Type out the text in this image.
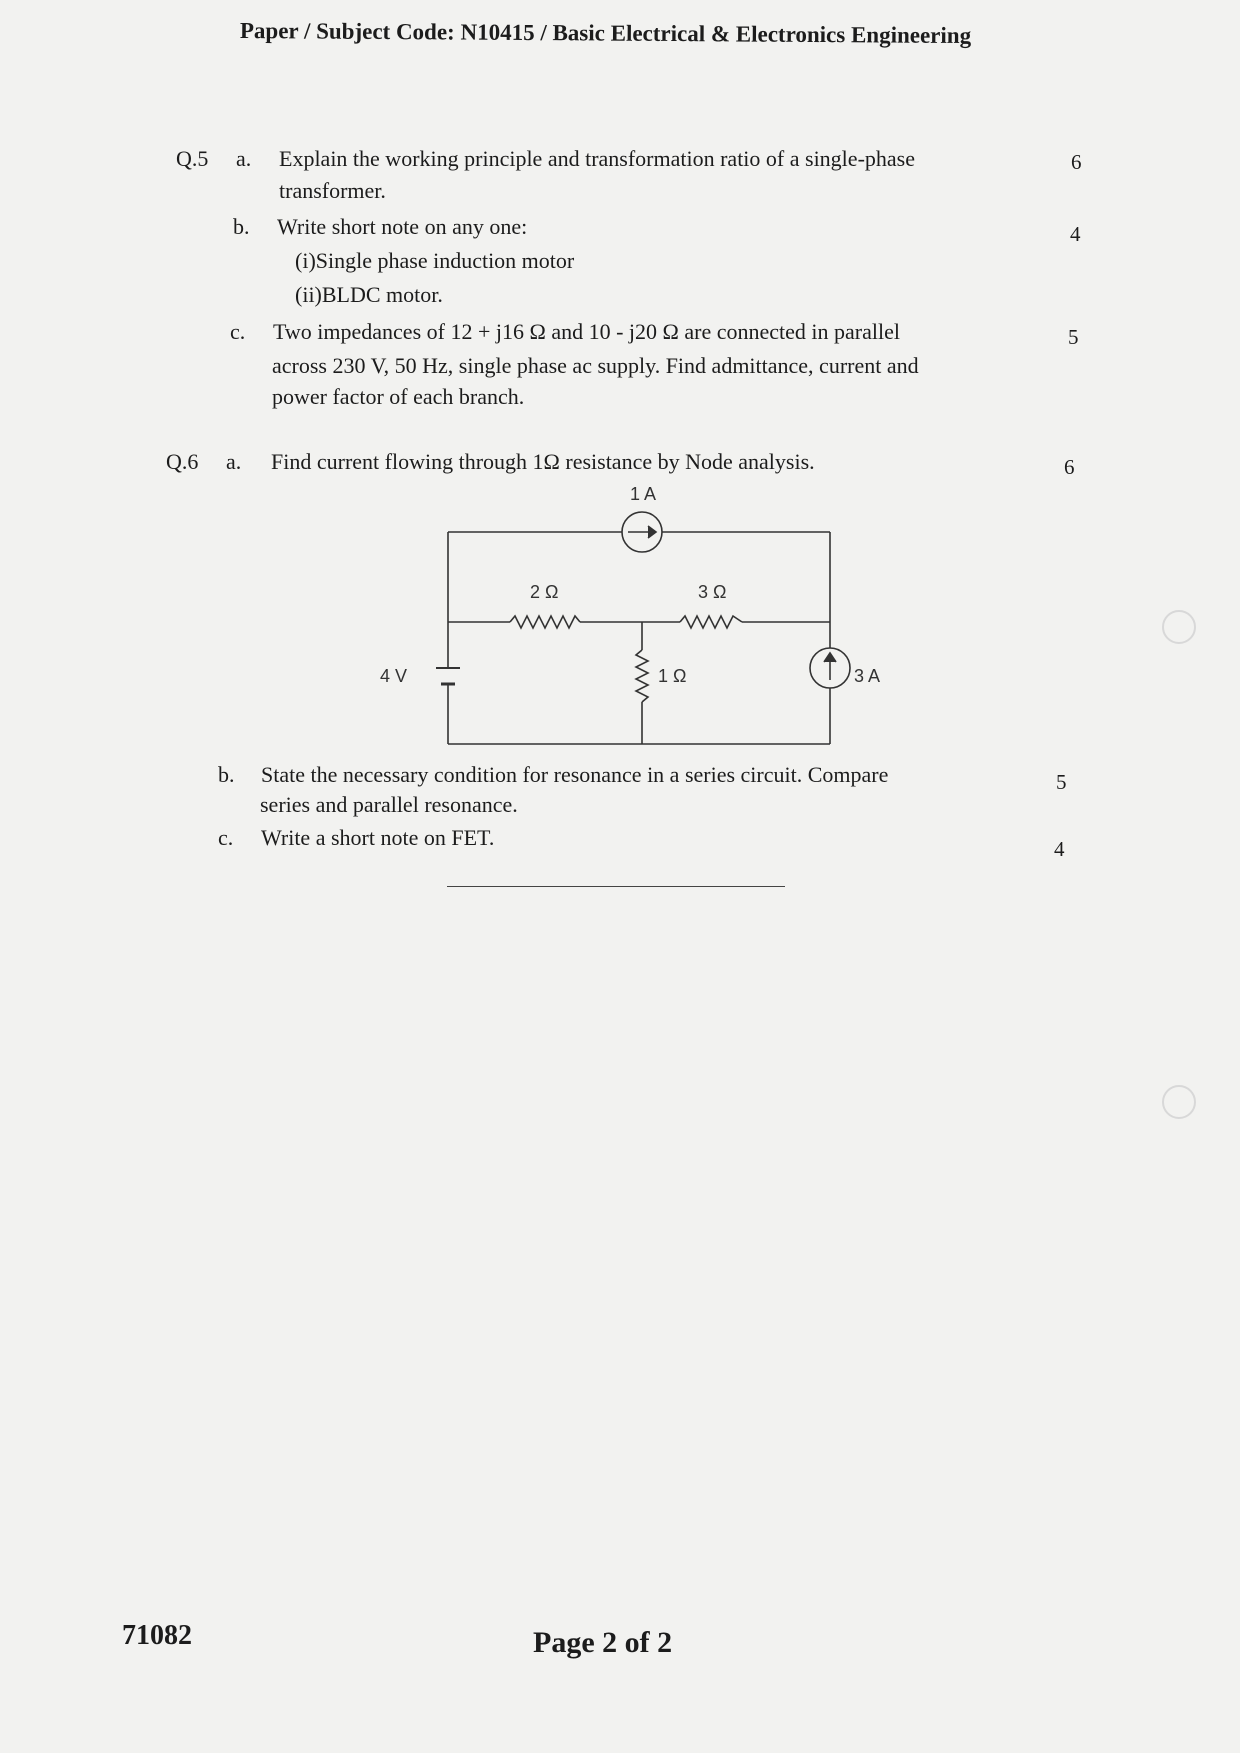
Paper / Subject Code: N10415 / Basic Electrical & Electronics Engineering
Q.5 a. Explain the working principle and transformation ratio of a single-phase	6
transformer.
b. Write short note on any one:	4
(i)Single phase induction motor
(ii)BLDC motor.
c. Two impedances of 12 + j16 Ω and 10 - j20 Ω are connected in parallel	5
across 230 V, 50 Hz, single phase ac supply. Find admittance, current and
power factor of each branch.
Q.6 a. Find current flowing through 1Ω resistance by Node analysis.	6
1 A
2 Ω	3 Ω
1 Ω
4 V	3 A
b. State the necessary condition for resonance in a series circuit. Compare	5
series and parallel resonance.
c. Write a short note on FET.	4
71082	Page 2 of 2
